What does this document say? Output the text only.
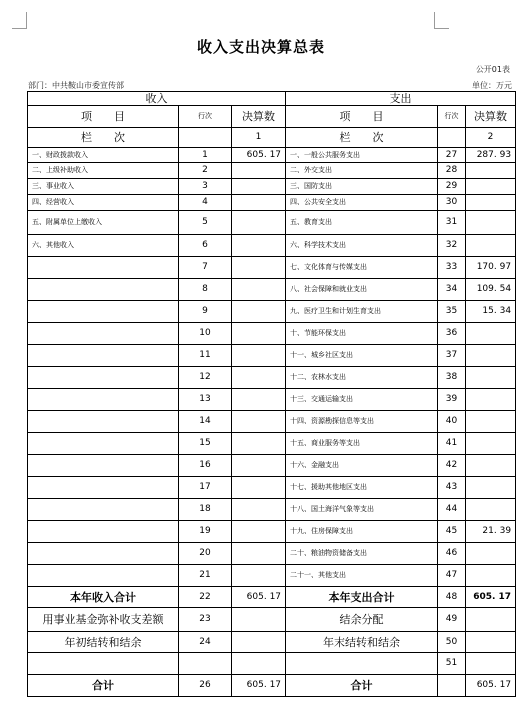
收入支出决算总表
公开01表
部门：中共鞍山市委宣传部	单位：万元
收入			支出		
项　　目	行次	决算数	项　　目	行次	决算数
栏　　次		1	栏　　次		2
一、财政拨款收入	1	605. 17	一、一般公共服务支出	27	287. 93
二、上级补助收入	2		二、外交支出	28	
三、事业收入	3		三、国防支出	29	
四、经营收入	4		四、公共安全支出	30	
五、附属单位上缴收入	5		五、教育支出	31	
六、其他收入	6		六、科学技术支出	32	
	7		七、文化体育与传媒支出	33	170. 97
	8		八、社会保障和就业支出	34	109. 54
	9		九、医疗卫生和计划生育支出	35	15. 34
	10		十、节能环保支出	36	
	11		十一、城乡社区支出	37	
	12		十二、农林水支出	38	
	13		十三、交通运输支出	39	
	14		十四、资源勘探信息等支出	40	
	15		十五、商业服务等支出	41	
	16		十六、金融支出	42	
	17		十七、援助其他地区支出	43	
	18		十八、国土海洋气象等支出	44	
	19		十九、住房保障支出	45	21. 39
	20		二十、粮油物资储备支出	46	
	21		二十一、其他支出	47	
本年收入合计	22	605. 17	本年支出合计	48	605. 17
用事业基金弥补收支差额	23		结余分配	49	
年初结转和结余	24		年末结转和结余	50	
				51	
合计	26	605. 17	合计		605. 17
